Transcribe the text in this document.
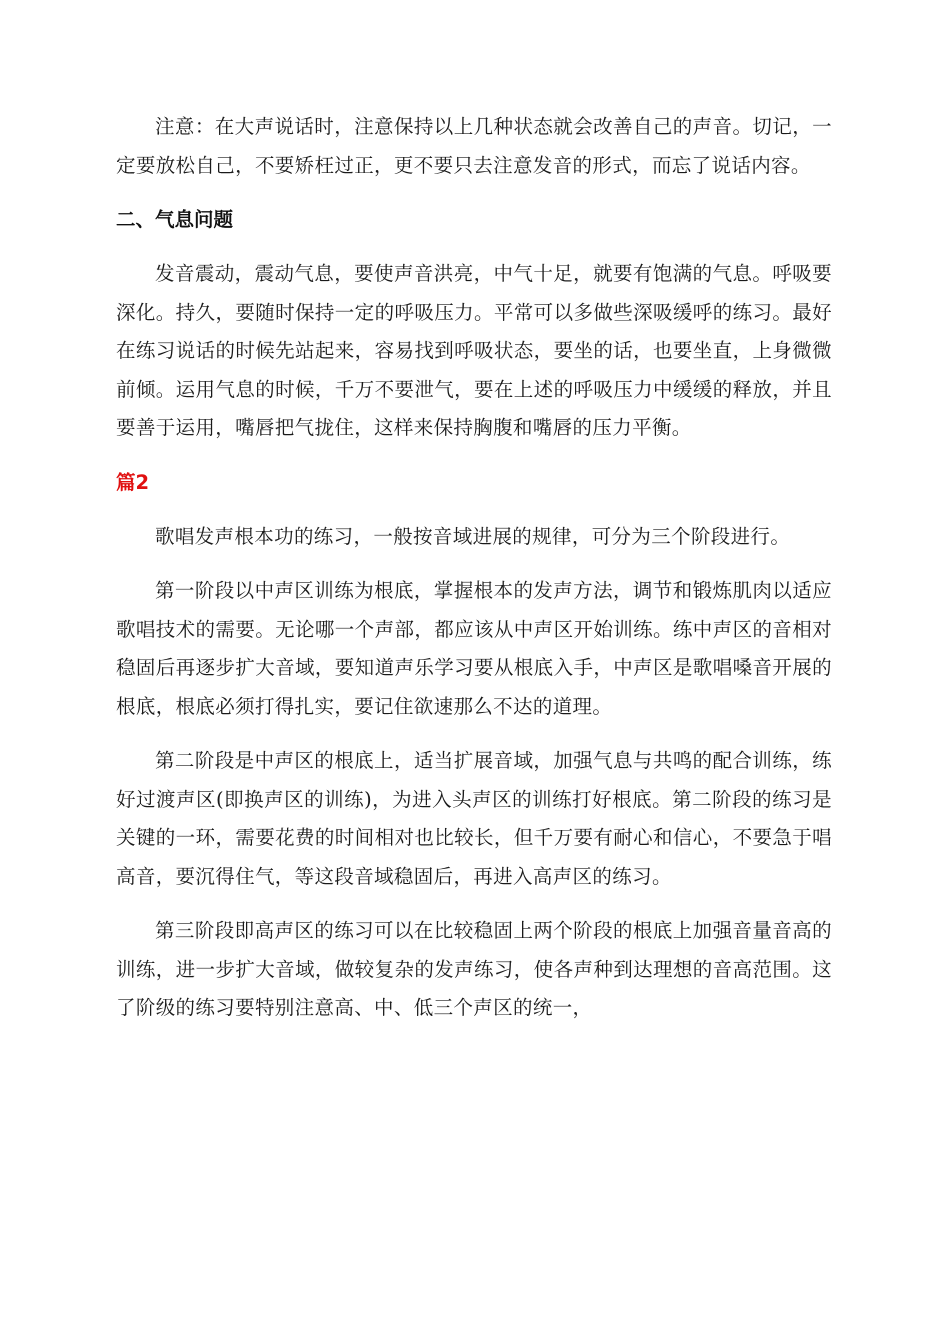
注意：在大声说话时，注意保持以上几种状态就会改善自己的声音。切记，一定要放松自己，不要矫枉过正，更不要只去注意发音的形式，而忘了说话内容。

二、气息问题

发音震动，震动气息，要使声音洪亮，中气十足，就要有饱满的气息。呼吸要深化。持久，要随时保持一定的呼吸压力。平常可以多做些深吸缓呼的练习。最好在练习说话的时候先站起来，容易找到呼吸状态，要坐的话，也要坐直，上身微微前倾。运用气息的时候，千万不要泄气，要在上述的呼吸压力中缓缓的释放，并且要善于运用，嘴唇把气拢住，这样来保持胸腹和嘴唇的压力平衡。

篇2

歌唱发声根本功的练习，一般按音域进展的规律，可分为三个阶段进行。

第一阶段以中声区训练为根底，掌握根本的发声方法，调节和锻炼肌肉以适应歌唱技术的需要。无论哪一个声部，都应该从中声区开始训练。练中声区的音相对稳固后再逐步扩大音域，要知道声乐学习要从根底入手，中声区是歌唱嗓音开展的根底，根底必须打得扎实，要记住欲速那么不达的道理。

第二阶段是中声区的根底上，适当扩展音域，加强气息与共鸣的配合训练，练好过渡声区(即换声区的训练)，为进入头声区的训练打好根底。第二阶段的练习是关键的一环，需要花费的时间相对也比较长，但千万要有耐心和信心，不要急于唱高音，要沉得住气，等这段音域稳固后，再进入高声区的练习。

第三阶段即高声区的练习可以在比较稳固上两个阶段的根底上加强音量音高的训练，进一步扩大音域，做较复杂的发声练习，使各声种到达理想的音高范围。这了阶级的练习要特别注意高、中、低三个声区的统一，
